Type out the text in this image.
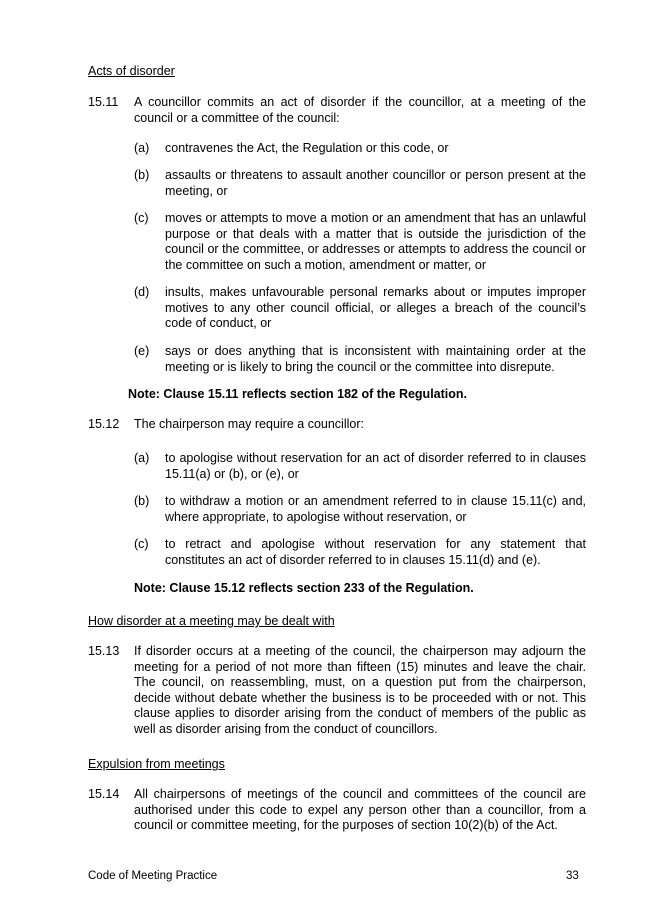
Acts of disorder
15.11 A councillor commits an act of disorder if the councillor, at a meeting of the council or a committee of the council:
(a) contravenes the Act, the Regulation or this code, or
(b) assaults or threatens to assault another councillor or person present at the meeting, or
(c) moves or attempts to move a motion or an amendment that has an unlawful purpose or that deals with a matter that is outside the jurisdiction of the council or the committee, or addresses or attempts to address the council or the committee on such a motion, amendment or matter, or
(d) insults, makes unfavourable personal remarks about or imputes improper motives to any other council official, or alleges a breach of the council’s code of conduct, or
(e) says or does anything that is inconsistent with maintaining order at the meeting or is likely to bring the council or the committee into disrepute.
Note: Clause 15.11 reflects section 182 of the Regulation.
15.12 The chairperson may require a councillor:
(a) to apologise without reservation for an act of disorder referred to in clauses 15.11(a) or (b), or (e), or
(b) to withdraw a motion or an amendment referred to in clause 15.11(c) and, where appropriate, to apologise without reservation, or
(c) to retract and apologise without reservation for any statement that constitutes an act of disorder referred to in clauses 15.11(d) and (e).
Note: Clause 15.12 reflects section 233 of the Regulation.
How disorder at a meeting may be dealt with
15.13 If disorder occurs at a meeting of the council, the chairperson may adjourn the meeting for a period of not more than fifteen (15) minutes and leave the chair. The council, on reassembling, must, on a question put from the chairperson, decide without debate whether the business is to be proceeded with or not. This clause applies to disorder arising from the conduct of members of the public as well as disorder arising from the conduct of councillors.
Expulsion from meetings
15.14 All chairpersons of meetings of the council and committees of the council are authorised under this code to expel any person other than a councillor, from a council or committee meeting, for the purposes of section 10(2)(b) of the Act.
Code of Meeting Practice	33
